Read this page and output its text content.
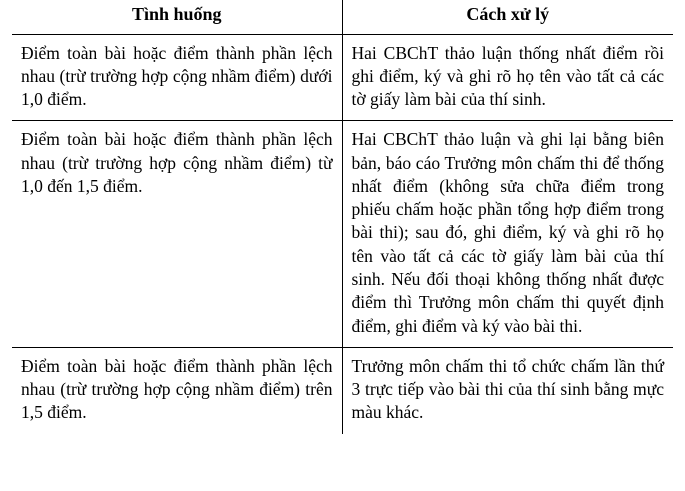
Tình huống	Cách xử lý

Điểm toàn bài hoặc điểm thành phần lệch nhau (trừ trường hợp cộng nhầm điểm) dưới 1,0 điểm.	Hai CBChT thảo luận thống nhất điểm rồi ghi điểm, ký và ghi rõ họ tên vào tất cả các tờ giấy làm bài của thí sinh.

Điểm toàn bài hoặc điểm thành phần lệch nhau (trừ trường hợp cộng nhầm điểm) từ 1,0 đến 1,5 điểm.	Hai CBChT thảo luận và ghi lại bằng biên bản, báo cáo Trưởng môn chấm thi để thống nhất điểm (không sửa chữa điểm trong phiếu chấm hoặc phần tổng hợp điểm trong bài thi); sau đó, ghi điểm, ký và ghi rõ họ tên vào tất cả các tờ giấy làm bài của thí sinh. Nếu đối thoại không thống nhất được điểm thì Trưởng môn chấm thi quyết định điểm, ghi điểm và ký vào bài thi.

Điểm toàn bài hoặc điểm thành phần lệch nhau (trừ trường hợp cộng nhầm điểm) trên 1,5 điểm.	Trưởng môn chấm thi tổ chức chấm lần thứ 3 trực tiếp vào bài thi của thí sinh bằng mực màu khác.
